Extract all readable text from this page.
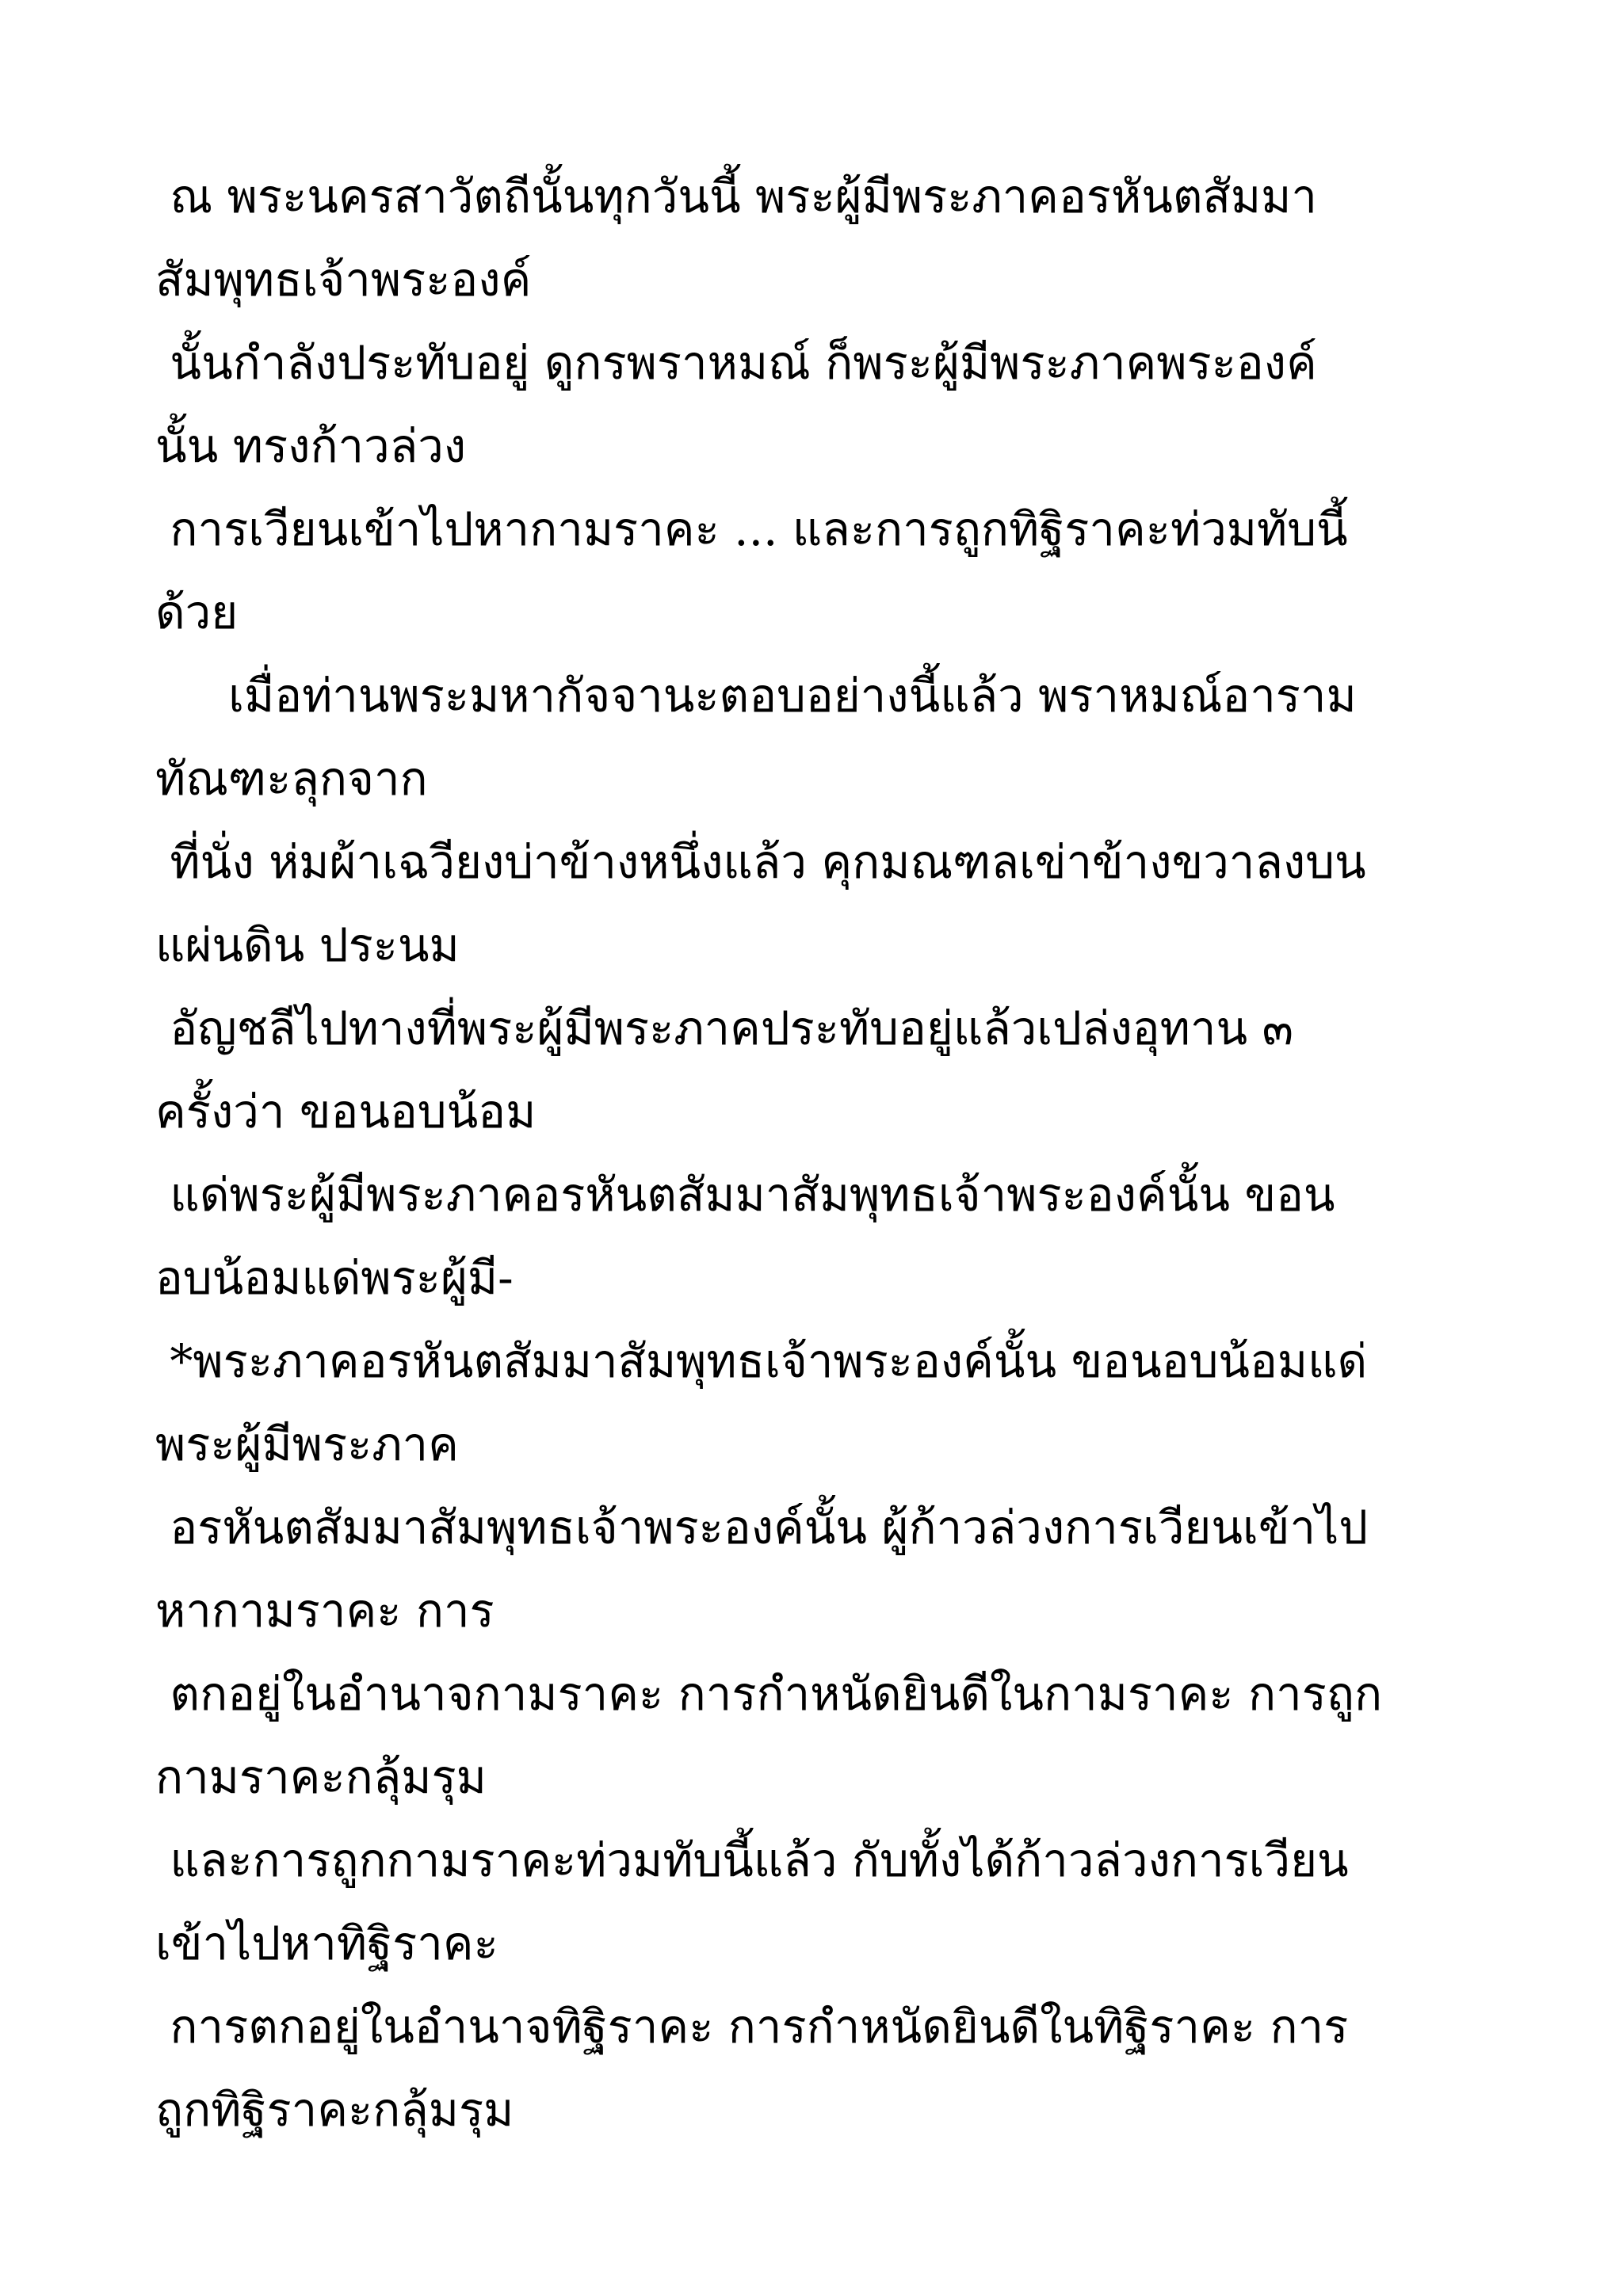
ณ พระนครสาวัตถีนั้นทุกวันนี้ พระผู้มีพระภาคอรหันตสัมมา
สัมพุทธเจ้าพระองค์
นั้นกำลังประทับอยู่ ดูกรพราหมณ์ ก็พระผู้มีพระภาคพระองค์
นั้น ทรงก้าวล่วง
การเวียนเข้าไปหากามราคะ ... และการถูกทิฐิราคะท่วมทับนี้
ด้วย
เมื่อท่านพระมหากัจจานะตอบอย่างนี้แล้ว พราหมณ์อาราม
ทัณฑะลุกจาก
ที่นั่ง ห่มผ้าเฉวียงบ่าข้างหนึ่งแล้ว คุกมณฑลเข่าข้างขวาลงบน
แผ่นดิน ประนม
อัญชลีไปทางที่พระผู้มีพระภาคประทับอยู่แล้วเปล่งอุทาน ๓
ครั้งว่า ขอนอบน้อม
แด่พระผู้มีพระภาคอรหันตสัมมาสัมพุทธเจ้าพระองค์นั้น ขอน
อบน้อมแด่พระผู้มี-
*พระภาคอรหันตสัมมาสัมพุทธเจ้าพระองค์นั้น ขอนอบน้อมแด่
พระผู้มีพระภาค
อรหันตสัมมาสัมพุทธเจ้าพระองค์นั้น ผู้ก้าวล่วงการเวียนเข้าไป
หากามราคะ การ
ตกอยู่ในอำนาจกามราคะ การกำหนัดยินดีในกามราคะ การถูก
กามราคะกลุ้มรุม
และการถูกกามราคะท่วมทับนี้แล้ว กับทั้งได้ก้าวล่วงการเวียน
เข้าไปหาทิฐิราคะ
การตกอยู่ในอำนาจทิฐิราคะ การกำหนัดยินดีในทิฐิราคะ การ
ถูกทิฐิราคะกลุ้มรุม
